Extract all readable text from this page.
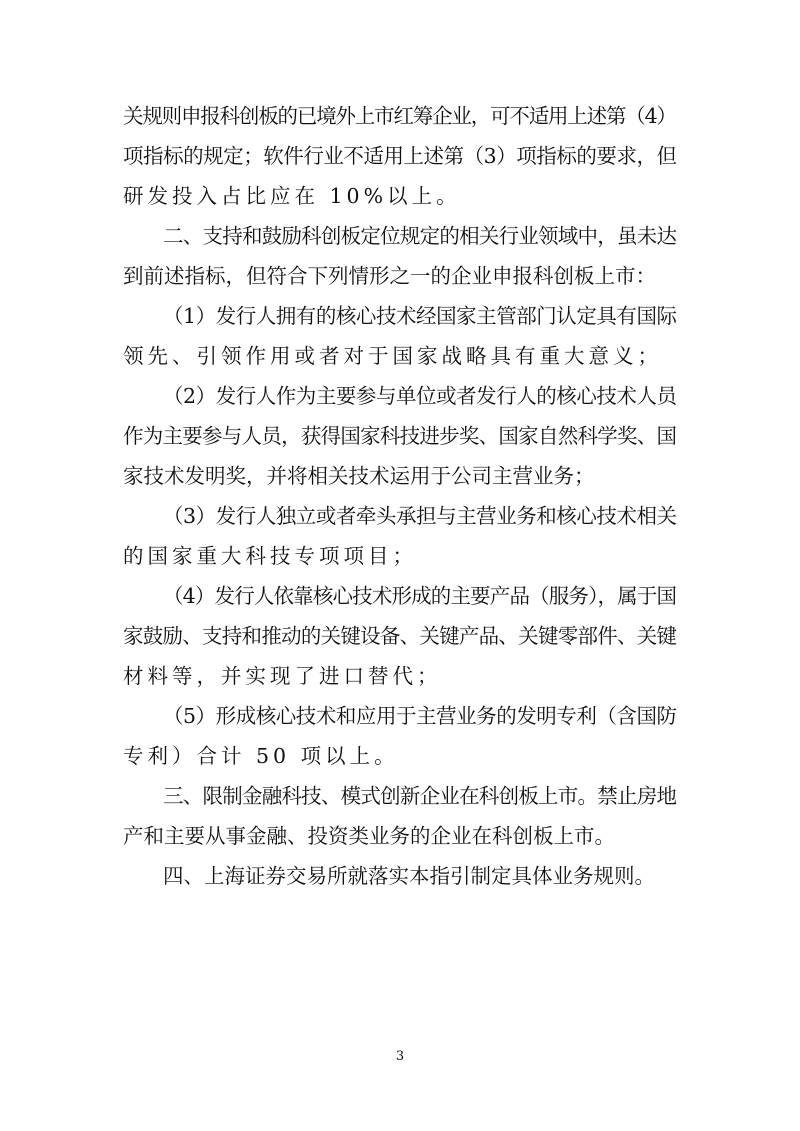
关规则申报科创板的已境外上市红筹企业，可不适用上述第（4）
项指标的规定；软件行业不适用上述第（3）项指标的要求，但
研发投入占比应在 10%以上。
二、支持和鼓励科创板定位规定的相关行业领域中，虽未达
到前述指标，但符合下列情形之一的企业申报科创板上市：
（1）发行人拥有的核心技术经国家主管部门认定具有国际
领先、引领作用或者对于国家战略具有重大意义；
（2）发行人作为主要参与单位或者发行人的核心技术人员
作为主要参与人员，获得国家科技进步奖、国家自然科学奖、国
家技术发明奖，并将相关技术运用于公司主营业务；
（3）发行人独立或者牵头承担与主营业务和核心技术相关
的国家重大科技专项项目；
（4）发行人依靠核心技术形成的主要产品（服务），属于国
家鼓励、支持和推动的关键设备、关键产品、关键零部件、关键
材料等，并实现了进口替代；
（5）形成核心技术和应用于主营业务的发明专利（含国防
专利）合计 50 项以上。
三、限制金融科技、模式创新企业在科创板上市。禁止房地
产和主要从事金融、投资类业务的企业在科创板上市。
四、上海证券交易所就落实本指引制定具体业务规则。
3
